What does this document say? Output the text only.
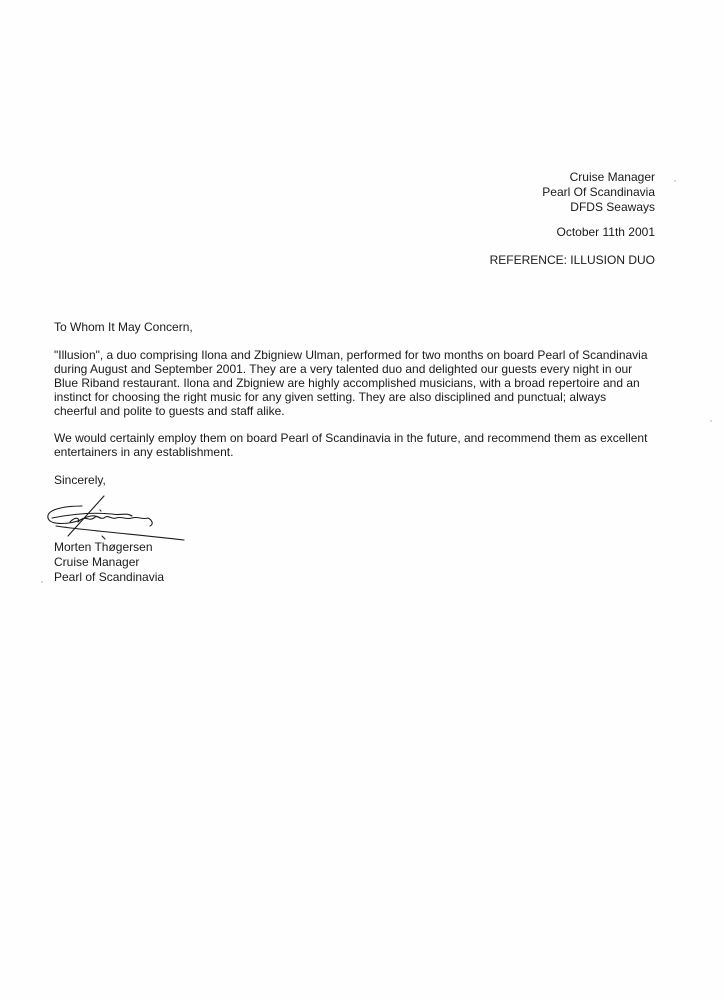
Cruise Manager
Pearl Of Scandinavia
DFDS Seaways
October 11th 2001
REFERENCE: ILLUSION DUO
To Whom It May Concern,
"Illusion", a duo comprising Ilona and Zbigniew Ulman, performed for two months on board Pearl of Scandinavia
during August and September 2001. They are a very talented duo and delighted our guests every night in our
Blue Riband restaurant. Ilona and Zbigniew are highly accomplished musicians, with a broad repertoire and an
instinct for choosing the right music for any given setting. They are also disciplined and punctual; always
cheerful and polite to guests and staff alike.
We would certainly employ them on board Pearl of Scandinavia in the future, and recommend them as excellent
entertainers in any establishment.
Sincerely,
Morten Thøgersen
Cruise Manager
Pearl of Scandinavia
